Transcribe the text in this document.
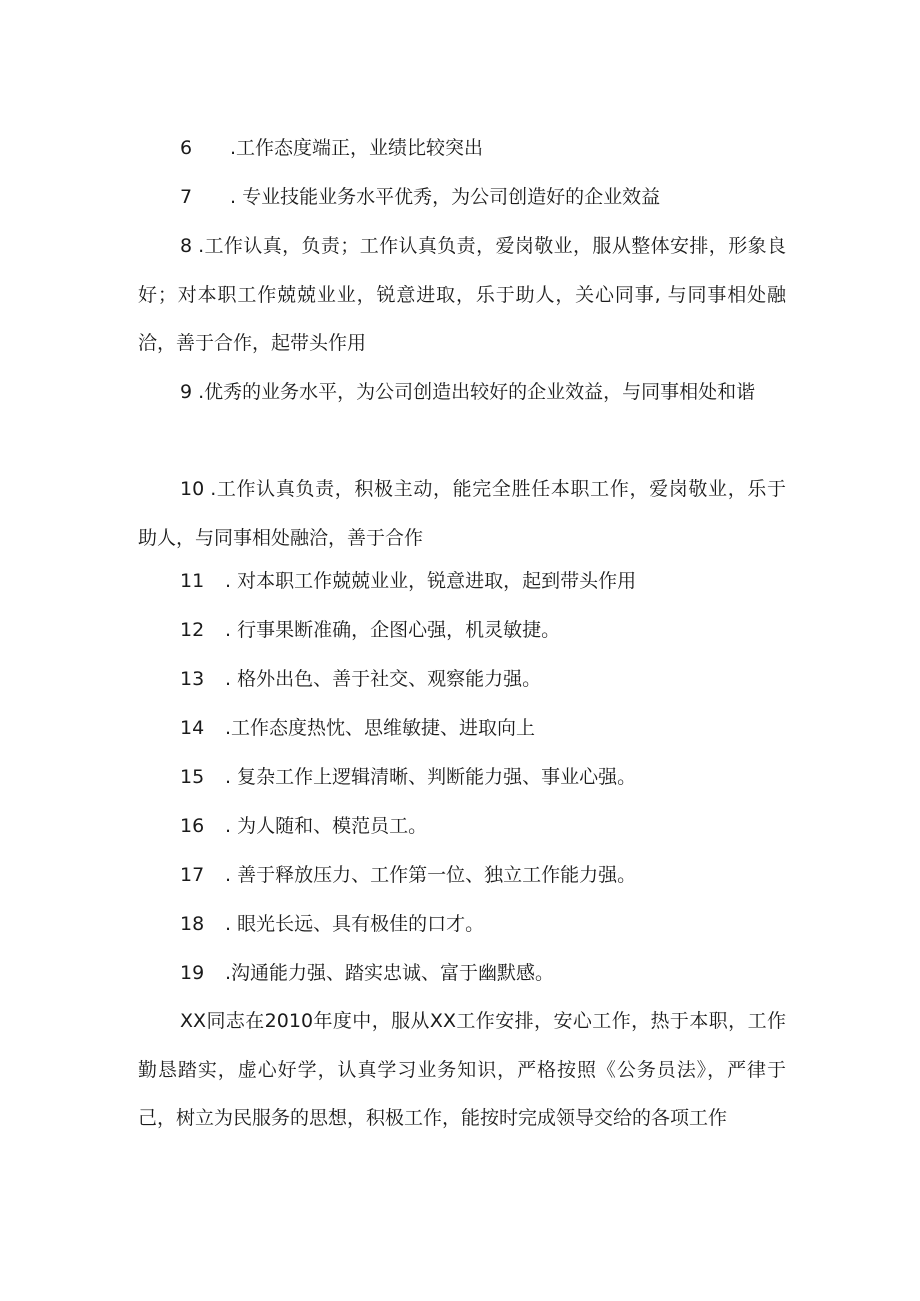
6 .工作态度端正，业绩比较突出
7 . 专业技能业务水平优秀，为公司创造好的企业效益
8 .工作认真，负责；工作认真负责，爱岗敬业，服从整体安排，形象良好；对本职工作兢兢业业，锐意进取，乐于助人，关心同事, 与同事相处融洽，善于合作，起带头作用
9 .优秀的业务水平，为公司创造出较好的企业效益，与同事相处和谐
10 .工作认真负责，积极主动，能完全胜任本职工作，爱岗敬业，乐于助人，与同事相处融洽，善于合作
11 . 对本职工作兢兢业业，锐意进取，起到带头作用
12 . 行事果断准确，企图心强，机灵敏捷。
13 . 格外出色、善于社交、观察能力强。
14 .工作态度热忱、思维敏捷、进取向上
15 . 复杂工作上逻辑清晰、判断能力强、事业心强。
16 . 为人随和、模范员工。
17 . 善于释放压力、工作第一位、独立工作能力强。
18 . 眼光长远、具有极佳的口才。
19 .沟通能力强、踏实忠诚、富于幽默感。
XX同志在2010年度中，服从XX工作安排，安心工作，热于本职，工作勤恳踏实，虚心好学，认真学习业务知识，严格按照《公务员法》，严律于己，树立为民服务的思想，积极工作，能按时完成领导交给的各项工作
